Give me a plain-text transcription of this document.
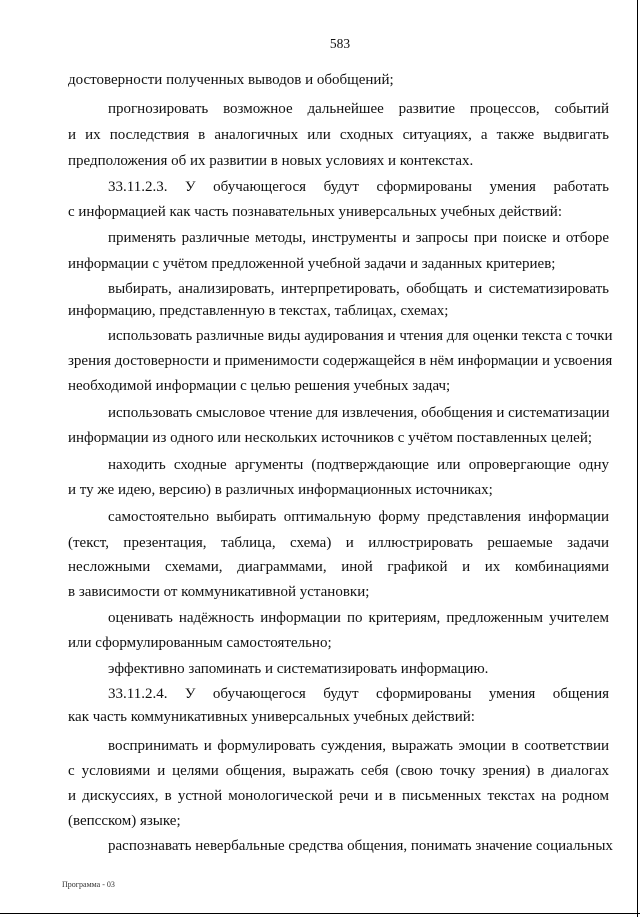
583
достоверности полученных выводов и обобщений;
прогнозировать возможное дальнейшее развитие процессов, событий
и их последствия в аналогичных или сходных ситуациях, а также выдвигать
предположения об их развитии в новых условиях и контекстах.
33.11.2.3. У обучающегося будут сформированы умения работать
с информацией как часть познавательных универсальных учебных действий:
применять различные методы, инструменты и запросы при поиске и отборе
информации с учётом предложенной учебной задачи и заданных критериев;
выбирать, анализировать, интерпретировать, обобщать и систематизировать
информацию, представленную в текстах, таблицах, схемах;
использовать различные виды аудирования и чтения для оценки текста с точки
зрения достоверности и применимости содержащейся в нём информации и усвоения
необходимой информации с целью решения учебных задач;
использовать смысловое чтение для извлечения, обобщения и систематизации
информации из одного или нескольких источников с учётом поставленных целей;
находить сходные аргументы (подтверждающие или опровергающие одну
и ту же идею, версию) в различных информационных источниках;
самостоятельно выбирать оптимальную форму представления информации
(текст, презентация, таблица, схема) и иллюстрировать решаемые задачи
несложными схемами, диаграммами, иной графикой и их комбинациями
в зависимости от коммуникативной установки;
оценивать надёжность информации по критериям, предложенным учителем
или сформулированным самостоятельно;
эффективно запоминать и систематизировать информацию.
33.11.2.4. У обучающегося будут сформированы умения общения
как часть коммуникативных универсальных учебных действий:
воспринимать и формулировать суждения, выражать эмоции в соответствии
с условиями и целями общения, выражать себя (свою точку зрения) в диалогах
и дискуссиях, в устной монологической речи и в письменных текстах на родном
(вепсском) языке;
распознавать невербальные средства общения, понимать значение социальных
Программа - 03
